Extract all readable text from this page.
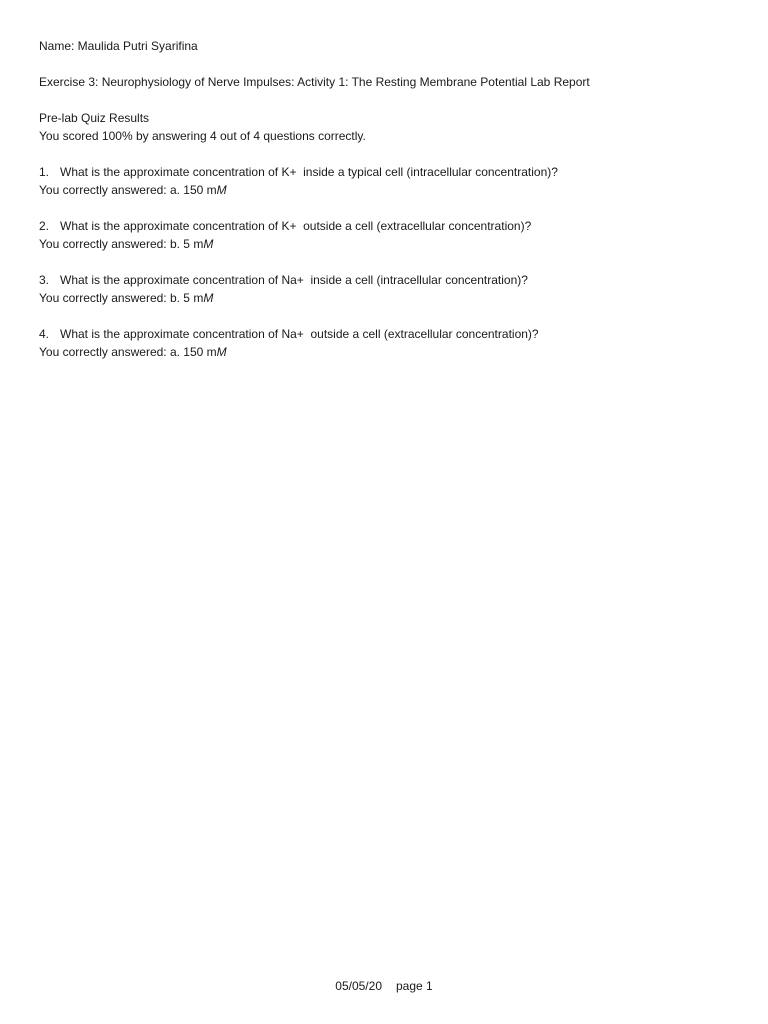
Name: Maulida Putri Syarifina

Exercise 3: Neurophysiology of Nerve Impulses: Activity 1: The Resting Membrane Potential Lab Report

Pre-lab Quiz Results

You scored 100% by answering 4 out of 4 questions correctly.

1. What is the approximate concentration of K+  inside a typical cell (intracellular concentration)?

You correctly answered: a. 150 mM

2. What is the approximate concentration of K+  outside a cell (extracellular concentration)?

You correctly answered: b. 5 mM

3. What is the approximate concentration of Na+  inside a cell (intracellular concentration)?

You correctly answered: b. 5 mM

4. What is the approximate concentration of Na+  outside a cell (extracellular concentration)?

You correctly answered: a. 150 mM

05/05/20 page 1
